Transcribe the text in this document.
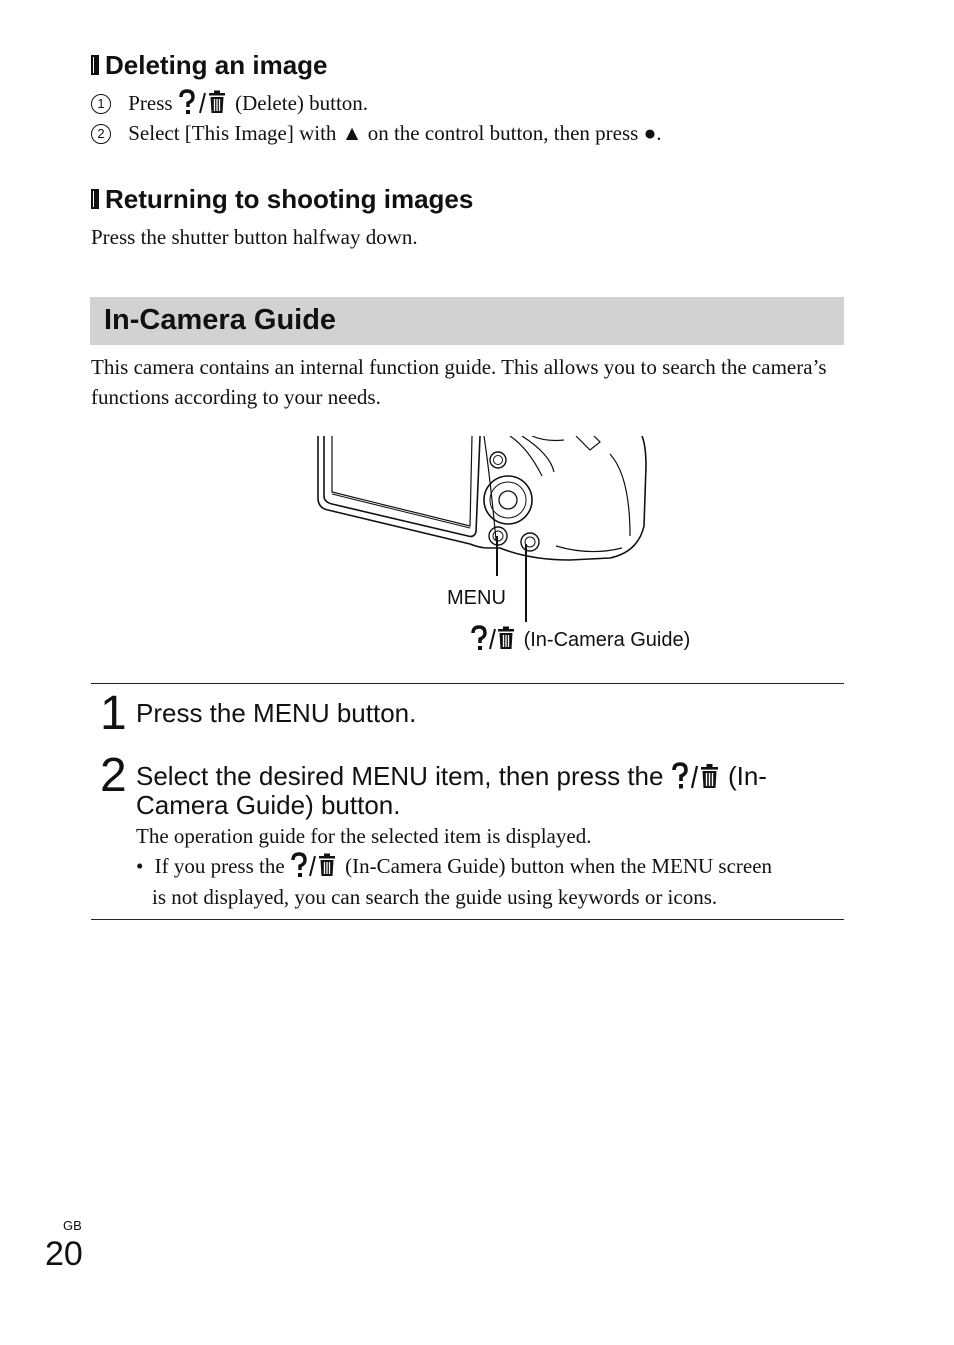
Deleting an image
1 Press	(Delete) button.
2 Select [This Image] with ▲ on the control button, then press ●.
Returning to shooting images
Press the shutter button halfway down.
In-Camera Guide
This camera contains an internal function guide. This allows you to search the camera’s functions according to your needs.
MENU
(In-Camera Guide)
1 Press the MENU button.
2 Select the desired MENU item, then press the (In-
Camera Guide) button.
The operation guide for the selected item is displayed.
• If you press the	(In-Camera Guide) button when the MENU screen
is not displayed, you can search the guide using keywords or icons.
GB
20
